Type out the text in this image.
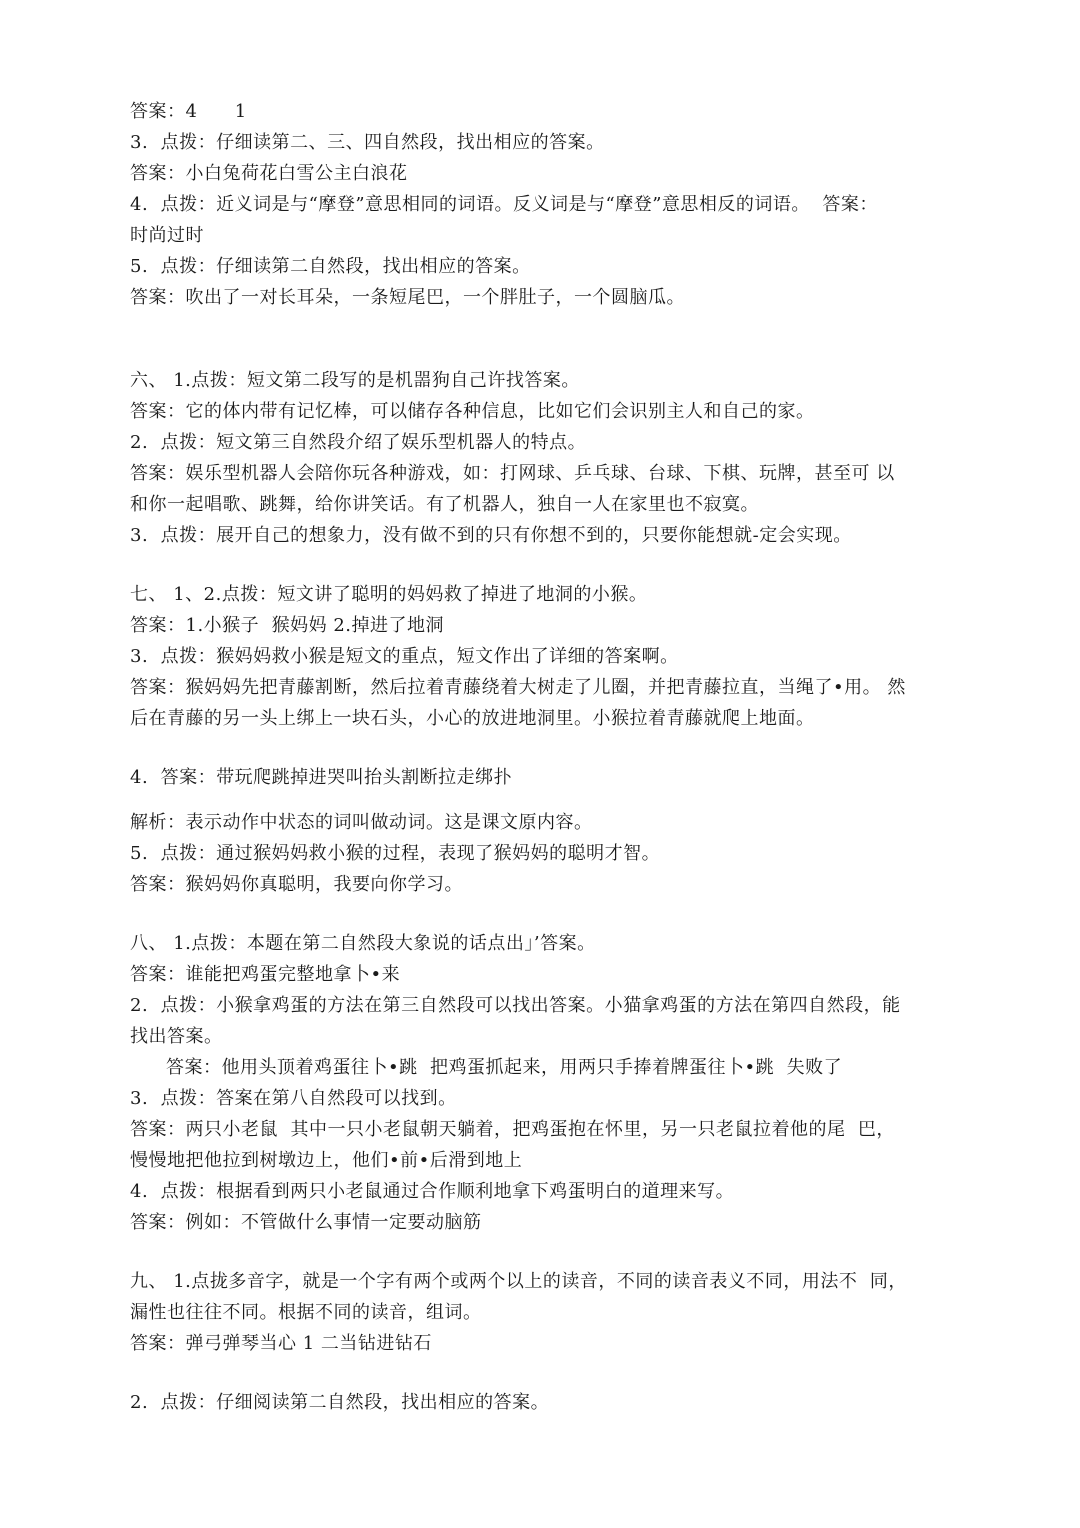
答案：4      1
3.  点拨：仔细读第二、三、四自然段，找出相应的答案。
答案：小白兔荷花白雪公主白浪花
4.  点拨：近义词是与“摩登”意思相同的词语。反义词是与“摩登”意思相反的词语。  答案：
时尚过时
5.  点拨：仔细读第二自然段，找出相应的答案。
答案：吹出了一对长耳朵，一条短尾巴，一个胖肚子，一个圆脑瓜。
六、 1.点拨：短文第二段写的是机噐狗自己许找答案。
答案：它的体内带有记忆棒，可以储存各种信息，比如它们会识别主人和自己的家。
2.  点拨：短文第三自然段介绍了娱乐型机器人的特点。
答案：娱乐型机器人会陪你玩各种游戏，如：打网球、乒乓球、台球、下棋、玩牌，甚至可 以
和你一起唱歌、跳舞，给你讲笑话。有了机器人，独自一人在家里也不寂寞。
3.  点拨：展开自己的想象力，没有做不到的只有你想不到的，只要你能想就-定会实现。
七、 1、2.点拨：短文讲了聪明的妈妈救了掉进了地洞的小猴。
答案：1.小猴子  猴妈妈 2.掉进了地洞
3.  点拨：猴妈妈救小猴是短文的重点，短文作出了详细的答案啊。
答案：猴妈妈先把青藤割断，然后拉着青藤绕着大树走了儿圈，并把青藤拉直，当绳了•用。 然
后在青藤的另一头上绑上一块石头，小心的放进地洞里。小猴拉着青藤就爬上地面。
4.  答案：带玩爬跳掉进哭叫抬头割断拉走绑扑
解析：表示动作中状态的词叫做动词。这是课文原内容。
5.  点拨：通过猴妈妈救小猴的过程，表现了猴妈妈的聪明才智。
答案：猴妈妈你真聪明，我要向你学习。
八、 1.点拨：本题在第二自然段大象说的话点出」’答案。
答案：谁能把鸡蛋完整地拿卜•来
2.  点拨：小猴拿鸡蛋的方法在第三自然段可以找出答案。小猫拿鸡蛋的方法在第四自然段，能
找出答案。
答案：他用头顶着鸡蛋往卜•跳  把鸡蛋抓起来，用两只手捧着牌蛋往卜•跳  失败了
3.  点拨：答案在第八自然段可以找到。
答案：两只小老鼠  其中一只小老鼠朝天躺着，把鸡蛋抱在怀里，另一只老鼠拉着他的尾  巴，
慢慢地把他拉到树墩边上，他们•前•后滑到地上
4.  点拨：根据看到两只小老鼠通过合作顺利地拿下鸡蛋明白的道理来写。
答案：例如：不管做什么事情一定要动脑筋
九、 1.点拢多音字，就是一个字有两个或两个以上的读音，不同的读音表义不同，用法不  同，
漏性也往往不同。根据不同的读音，组词。
答案：弹弓弹琴当心 1 二当钻进钻石
2.  点拨：仔细阅读第二自然段，找出相应的答案。
